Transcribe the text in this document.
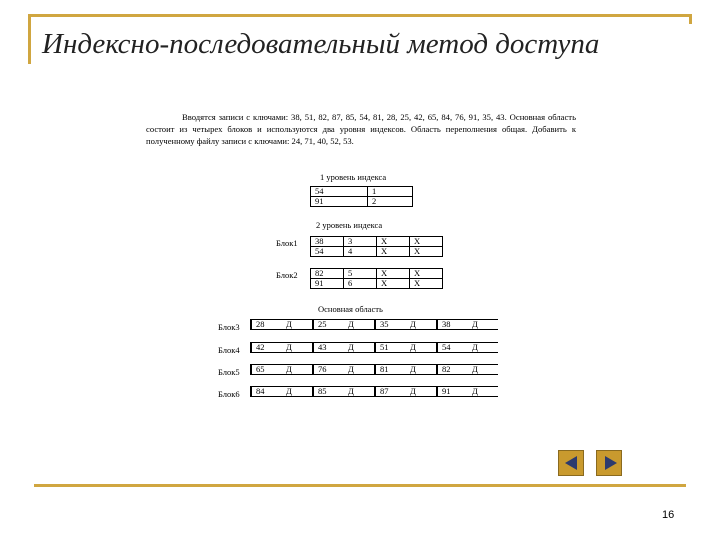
Индексно-последовательный метод доступа
Вводятся записи с ключами: 38, 51, 82, 87, 85, 54, 81, 28, 25, 42, 65, 84, 76, 91, 35, 43. Основная область состоит из четырех блоков и используются два уровня индексов. Область переполнения общая. Добавить к полученному файлу записи с ключами: 24, 71, 40, 52, 53.
1 уровень индекса
54	1
91	2
2 уровень индекса
Блок1 38	3	Х	Х
54	4	Х	Х
Блок2 82	5	Х	Х
91	6	Х	Х
Основная область
Блок3 28	Д	25	Д	35	Д	38	Д
Блок4 42	Д	43	Д	51	Д	54	Д
Блок5 65	Д	76	Д	81	Д	82	Д
Блок6 84	Д	85	Д	87	Д	91	Д
16
